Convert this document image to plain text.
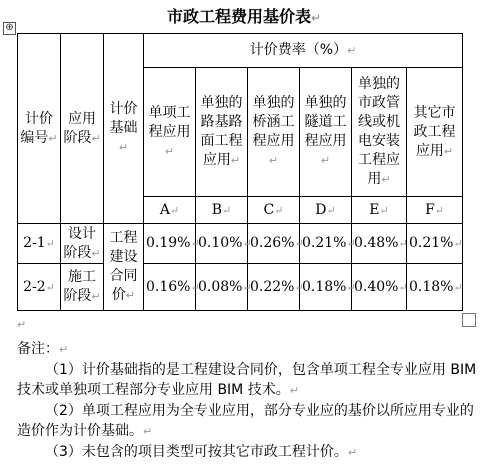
市政工程费用基价表↵
⊕
计价编号↵	应用阶段↵	计价基础↵	计价费率（%）↵					
			单项工程应用↵	单独的路基路面工程应用↵	单独的桥涵工程应用↵	单独的隧道工程应用↵	单独的市政管线或机电安装工程应用↵	其它市政工程应用↵
			A↵	B↵	C↵	D↵	E↵	F↵
2-1↵	设计阶段↵	工程建设合同价↵	0.19%↵	0.10%↵	0.26%↵	0.21%↵	0.48%↵	0.21%↵
2-2↵	施工阶段↵		0.16%↵	0.08%↵	0.22%↵	0.18%↵	0.40%↵	0.18%↵
↵

备注：↵

（1）计价基础指的是工程建设合同价，包含单项工程全专业应用 BIM 技术或单独项工程部分专业应用 BIM 技术。↵

（2）单项工程应用为全专业应用，部分专业应的基价以所应用专业的造价作为计价基础。↵

（3）未包含的项目类型可按其它市政工程计价。↵
